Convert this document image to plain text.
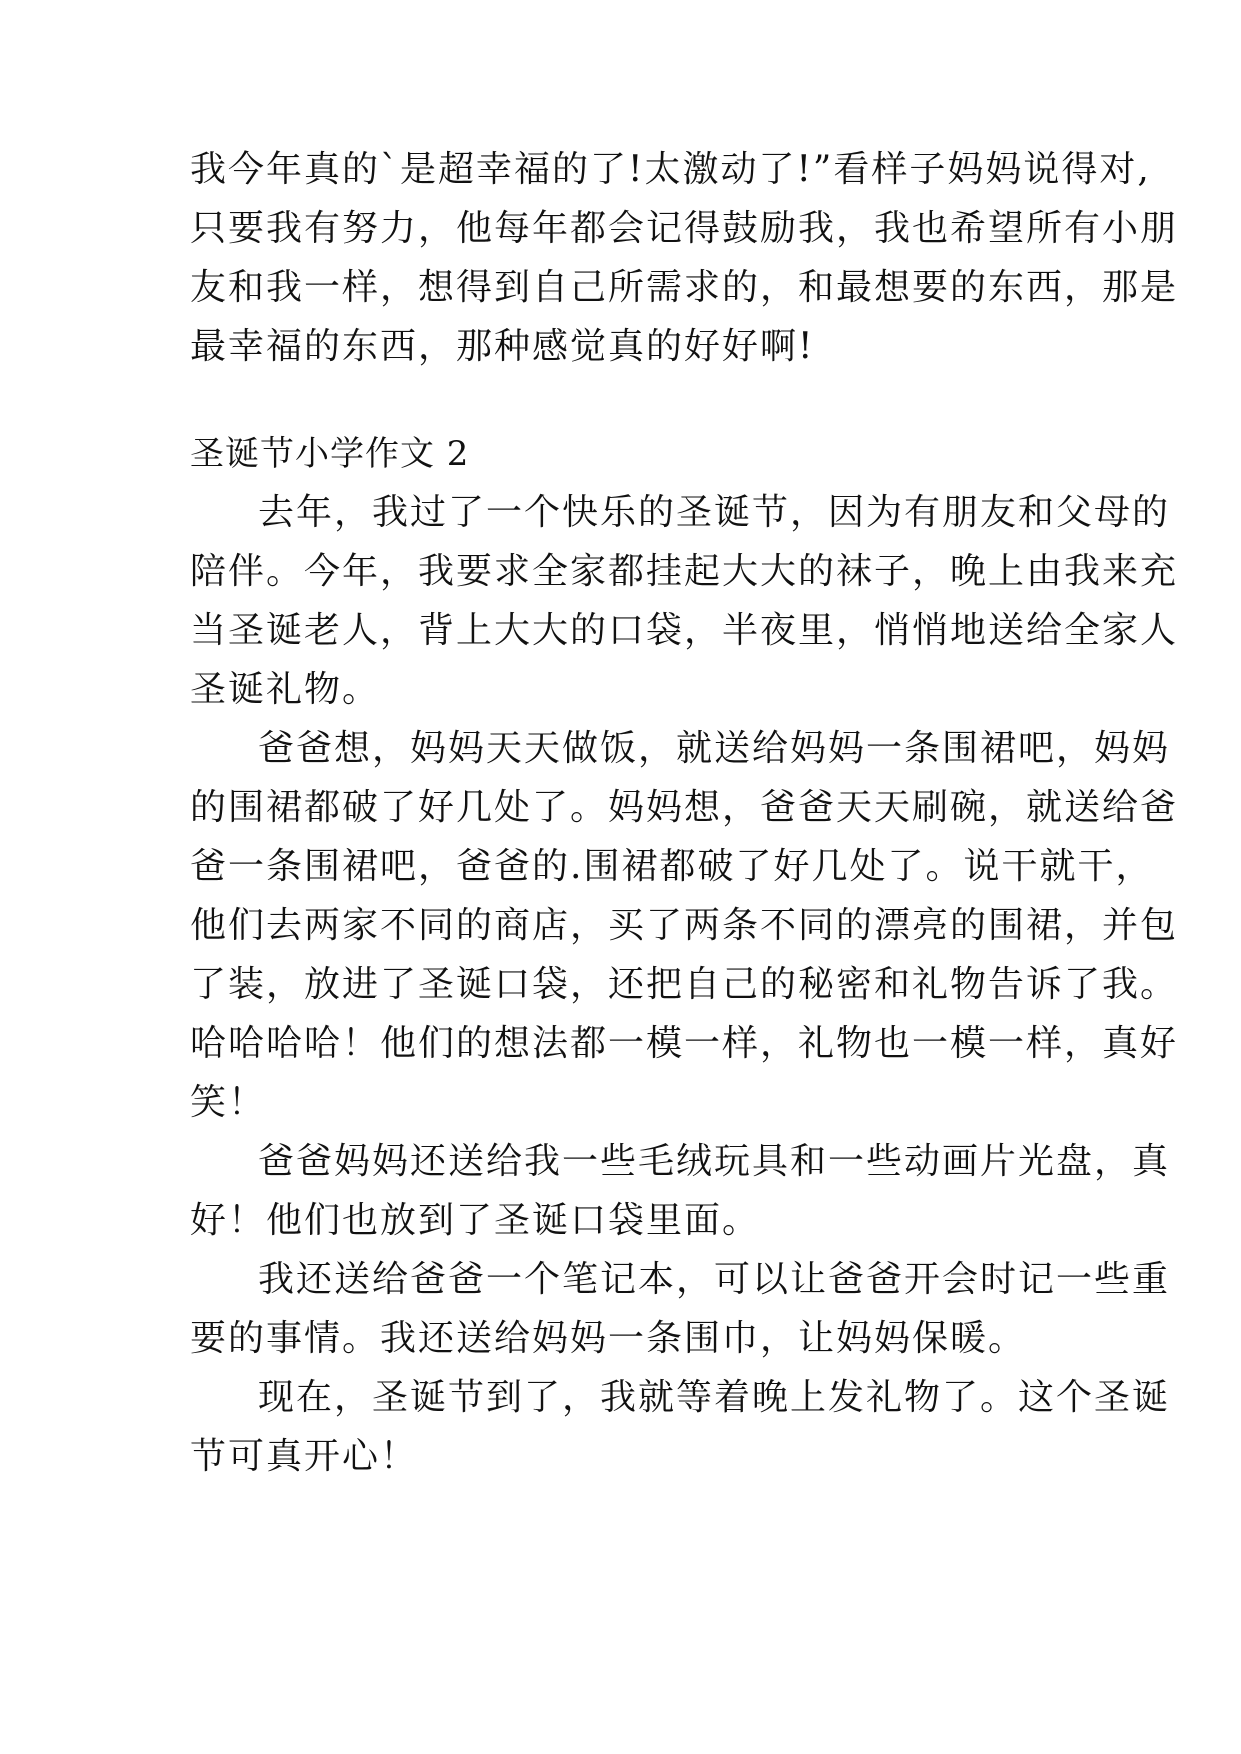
我今年真的`是超幸福的了!太激动了!”看样子妈妈说得对,
只要我有努力，他每年都会记得鼓励我，我也希望所有小朋
友和我一样，想得到自己所需求的，和最想要的东西，那是
最幸福的东西，那种感觉真的好好啊!
圣诞节小学作文 2
去年，我过了一个快乐的圣诞节，因为有朋友和父母的
陪伴。今年，我要求全家都挂起大大的袜子，晚上由我来充
当圣诞老人，背上大大的口袋，半夜里，悄悄地送给全家人
圣诞礼物。
爸爸想，妈妈天天做饭，就送给妈妈一条围裙吧，妈妈
的围裙都破了好几处了。妈妈想，爸爸天天刷碗，就送给爸
爸一条围裙吧，爸爸的.围裙都破了好几处了。说干就干，
他们去两家不同的商店，买了两条不同的漂亮的围裙，并包
了装，放进了圣诞口袋，还把自己的秘密和礼物告诉了我。
哈哈哈哈！他们的想法都一模一样，礼物也一模一样，真好
笑！
爸爸妈妈还送给我一些毛绒玩具和一些动画片光盘，真
好！他们也放到了圣诞口袋里面。
我还送给爸爸一个笔记本，可以让爸爸开会时记一些重
要的事情。我还送给妈妈一条围巾，让妈妈保暖。
现在，圣诞节到了，我就等着晚上发礼物了。这个圣诞
节可真开心！
